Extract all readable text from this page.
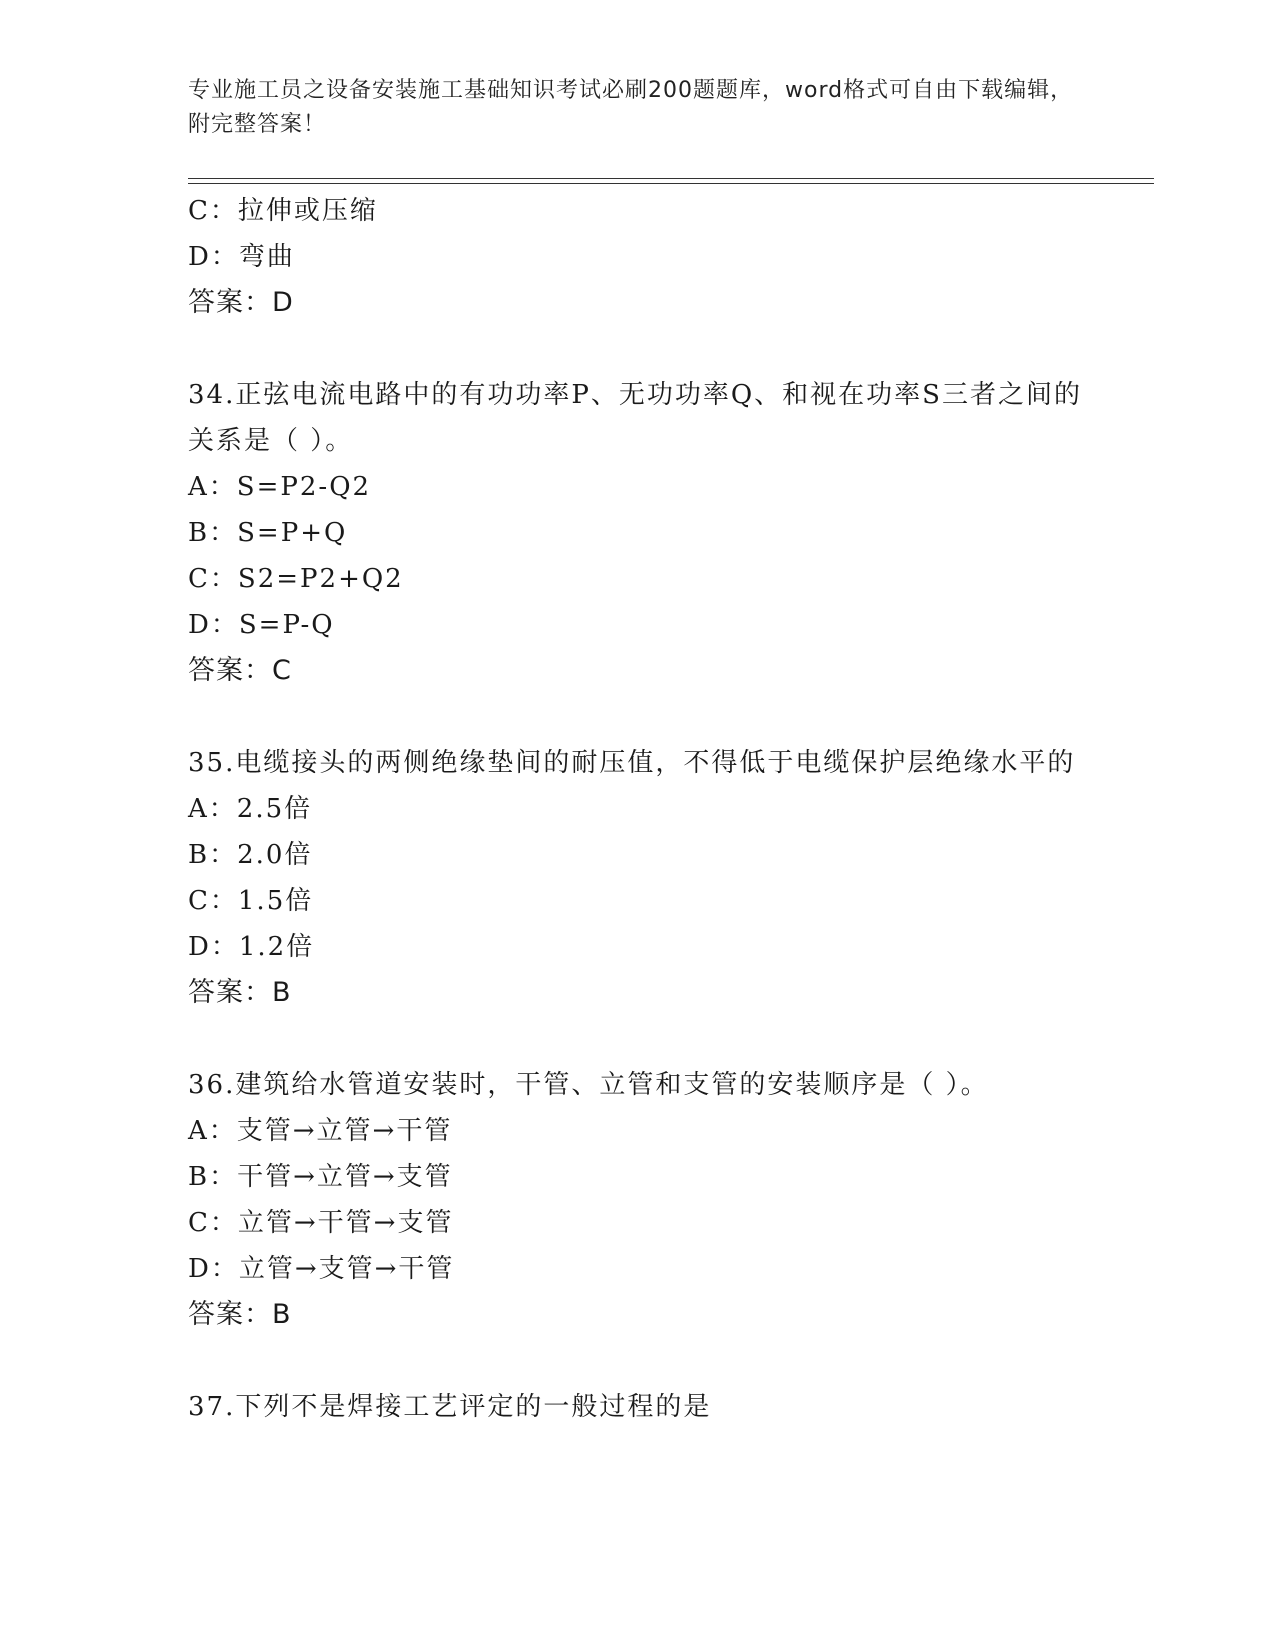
专业施工员之设备安装施工基础知识考试必刷200题题库，word格式可自由下载编辑，附完整答案！
C：拉伸或压缩
D：弯曲
答案：D
34.正弦电流电路中的有功功率P、无功功率Q、和视在功率S三者之间的关系是（ ）。
A：S=P2-Q2
B：S=P+Q
C：S2=P2+Q2
D：S=P-Q
答案：C
35.电缆接头的两侧绝缘垫间的耐压值，不得低于电缆保护层绝缘水平的
A：2.5倍
B：2.0倍
C：1.5倍
D：1.2倍
答案：B
36.建筑给水管道安装时，干管、立管和支管的安装顺序是（ ）。
A：支管→立管→干管
B：干管→立管→支管
C：立管→干管→支管
D：立管→支管→干管
答案：B
37.下列不是焊接工艺评定的一般过程的是
